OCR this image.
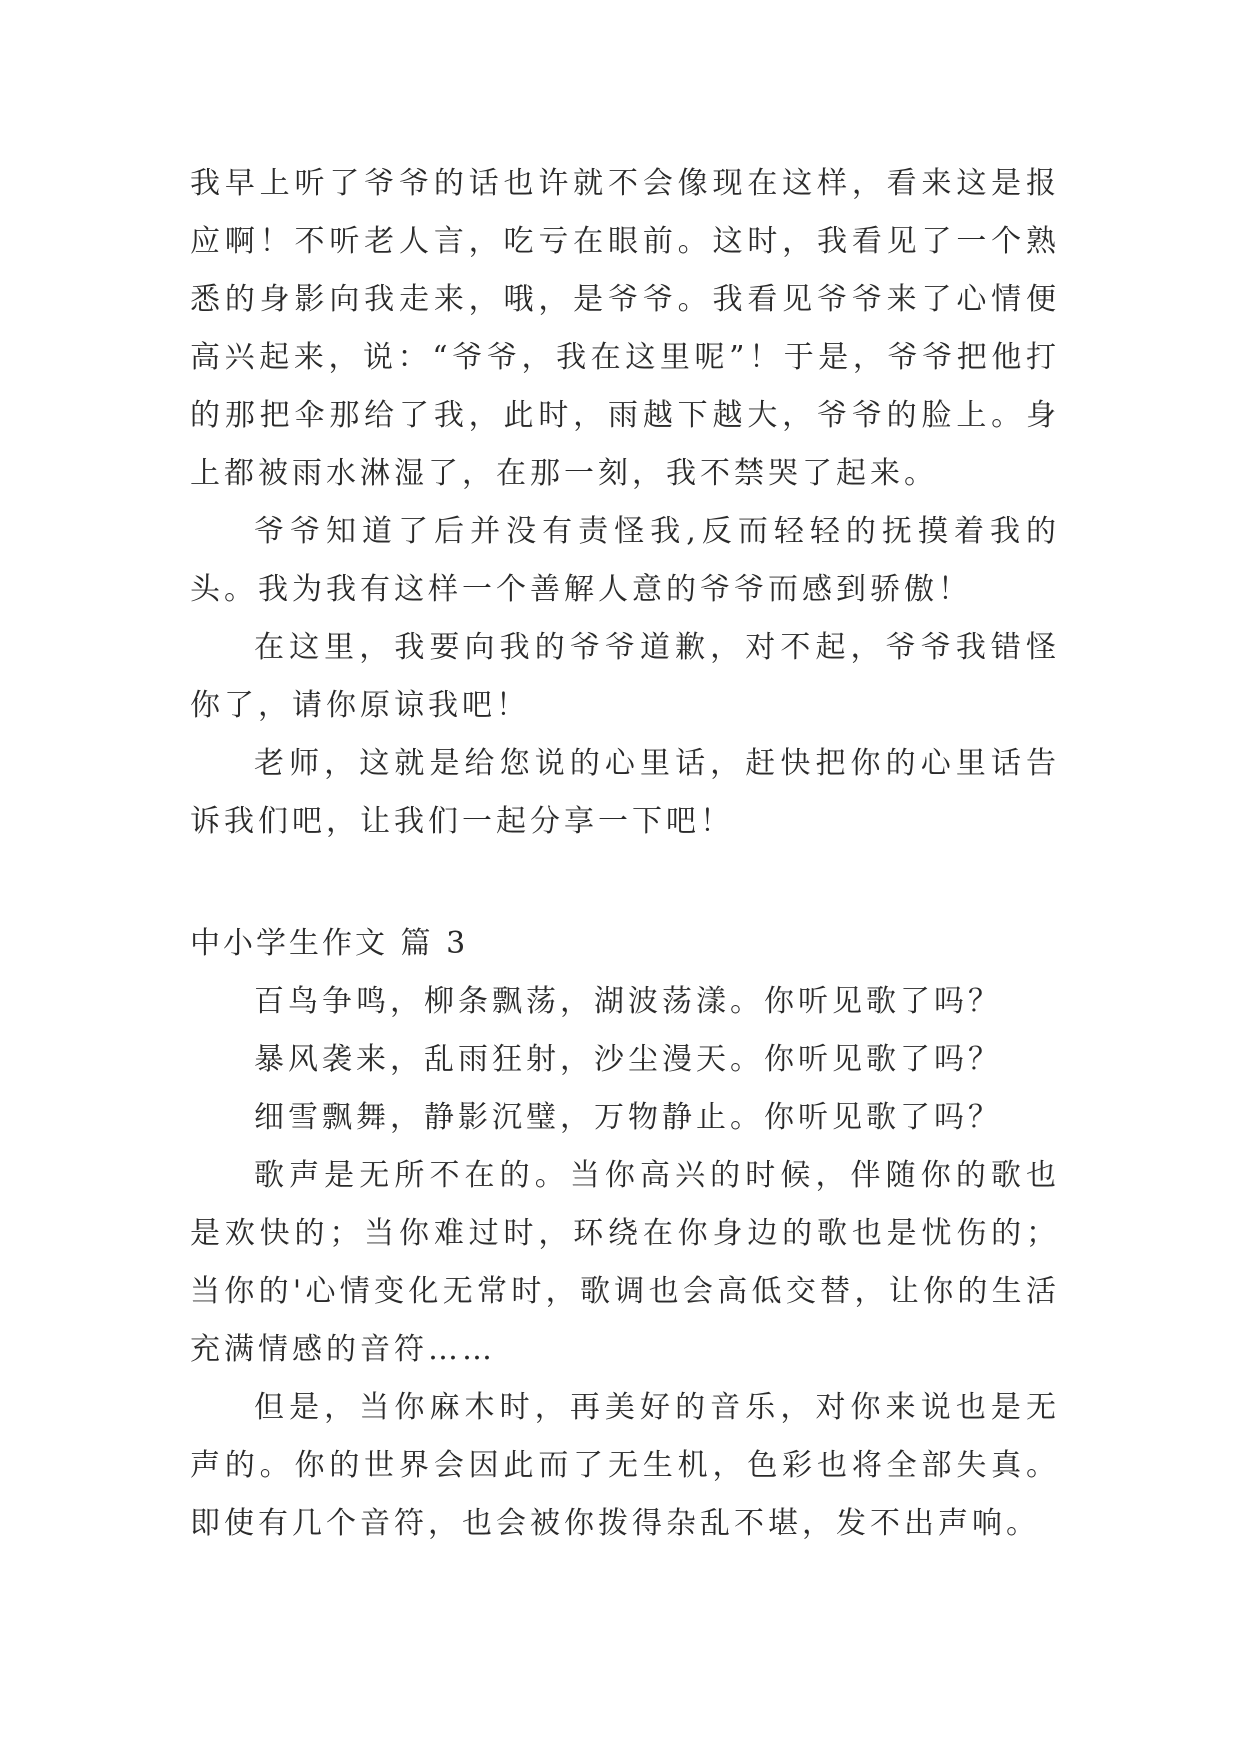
我早上听了爷爷的话也许就不会像现在这样，看来这是报应啊！不听老人言，吃亏在眼前。这时，我看见了一个熟悉的身影向我走来，哦，是爷爷。我看见爷爷来了心情便高兴起来，说：“爷爷，我在这里呢”！于是，爷爷把他打的那把伞那给了我，此时，雨越下越大，爷爷的脸上。身上都被雨水淋湿了，在那一刻，我不禁哭了起来。

爷爷知道了后并没有责怪我,反而轻轻的抚摸着我的头。我为我有这样一个善解人意的爷爷而感到骄傲！

在这里，我要向我的爷爷道歉，对不起，爷爷我错怪你了，请你原谅我吧！

老师，这就是给您说的心里话，赶快把你的心里话告诉我们吧，让我们一起分享一下吧！

中小学生作文 篇 3

百鸟争鸣，柳条飘荡，湖波荡漾。你听见歌了吗？

暴风袭来，乱雨狂射，沙尘漫天。你听见歌了吗？

细雪飘舞，静影沉璧，万物静止。你听见歌了吗？

歌声是无所不在的。当你高兴的时候，伴随你的歌也是欢快的；当你难过时，环绕在你身边的歌也是忧伤的；当你的'心情变化无常时，歌调也会高低交替，让你的生活充满情感的音符……

但是，当你麻木时，再美好的音乐，对你来说也是无声的。你的世界会因此而了无生机，色彩也将全部失真。即使有几个音符，也会被你拨得杂乱不堪，发不出声响。
